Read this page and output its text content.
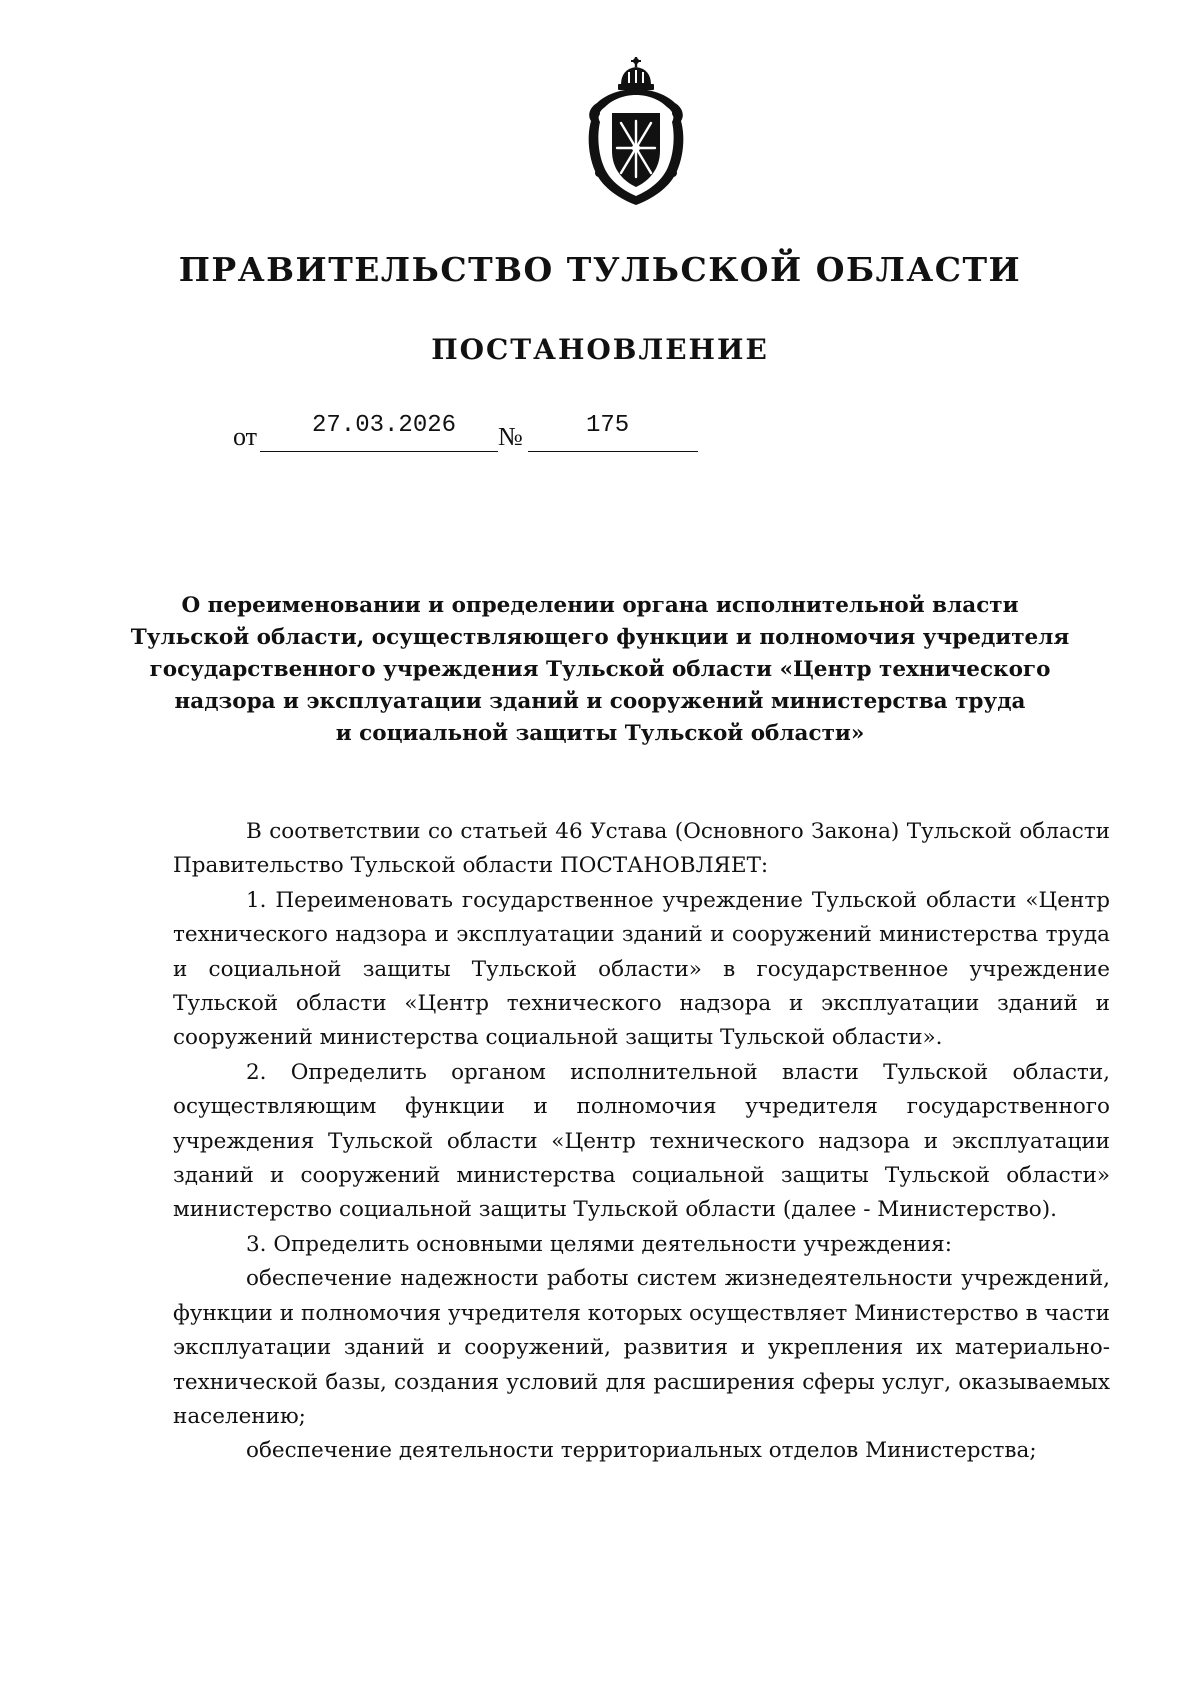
ПРАВИТЕЛЬСТВО ТУЛЬСКОЙ ОБЛАСТИ
ПОСТАНОВЛЕНИЕ
от 27.03.2026 №	175
О переименовании и определении органа исполнительной власти
Тульской области, осуществляющего функции и полномочия учредителя
государственного учреждения Тульской области «Центр технического
надзора и эксплуатации зданий и сооружений министерства труда
и социальной защиты Тульской области»

В соответствии со статьей 46 Устава (Основного Закона) Тульской области Правительство Тульской области ПОСТАНОВЛЯЕТ:

1. Переименовать государственное учреждение Тульской области «Центр технического надзора и эксплуатации зданий и сооружений министерства труда и социальной защиты Тульской области» в государственное учреждение Тульской области «Центр технического надзора и эксплуатации зданий и сооружений министерства социальной защиты Тульской области».

2. Определить органом исполнительной власти Тульской области, осуществляющим функции и полномочия учредителя государственного учреждения Тульской области «Центр технического надзора и эксплуатации зданий и сооружений министерства социальной защиты Тульской области» министерство социальной защиты Тульской области (далее - Министерство).

3. Определить основными целями деятельности учреждения:

обеспечение надежности работы систем жизнедеятельности учреждений, функции и полномочия учредителя которых осуществляет Министерство в части эксплуатации зданий и сооружений, развития и укрепления их материально-технической базы, создания условий для расширения сферы услуг, оказываемых населению;

обеспечение деятельности территориальных отделов Министерства;
